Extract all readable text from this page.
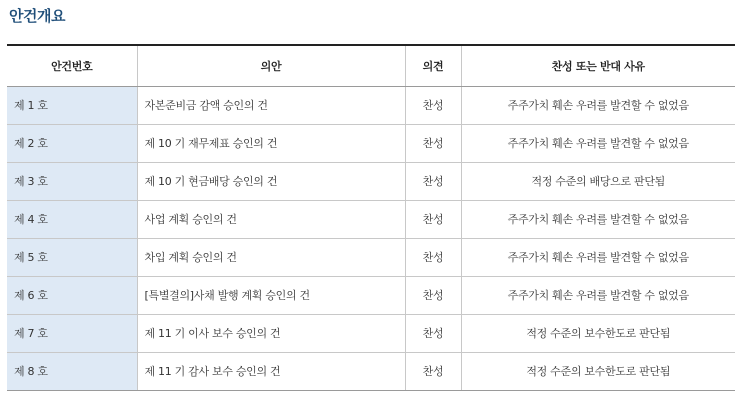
안건개요
안건번호	의안	의견	찬성 또는 반대 사유
제 1 호	자본준비금 감액 승인의 건	찬성	주주가치 훼손 우려를 발견할 수 없었음
제 2 호	제 10 기 재무제표 승인의 건	찬성	주주가치 훼손 우려를 발견할 수 없었음
제 3 호	제 10 기 현금배당 승인의 건	찬성	적정 수준의 배당으로 판단됨
제 4 호	사업 계획 승인의 건	찬성	주주가치 훼손 우려를 발견할 수 없었음
제 5 호	차입 계획 승인의 건	찬성	주주가치 훼손 우려를 발견할 수 없었음
제 6 호	[특별결의]사채 발행 계획 승인의 건	찬성	주주가치 훼손 우려를 발견할 수 없었음
제 7 호	제 11 기 이사 보수 승인의 건	찬성	적정 수준의 보수한도로 판단됨
제 8 호	제 11 기 감사 보수 승인의 건	찬성	적정 수준의 보수한도로 판단됨
